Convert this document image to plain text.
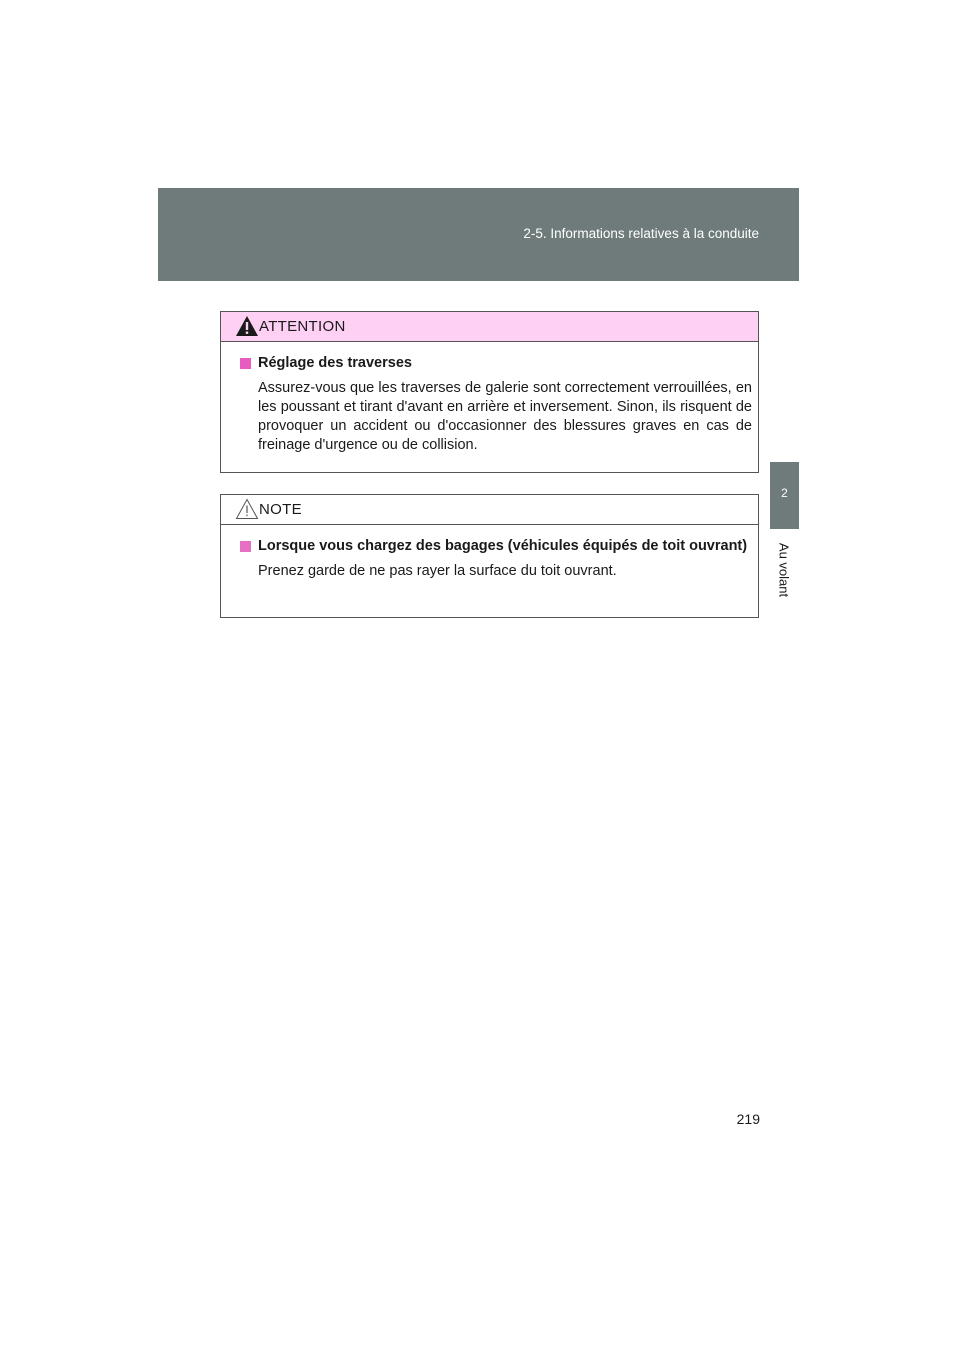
2-5. Informations relatives à la conduite
2
Au volant
ATTENTION
Réglage des traverses
Assurez-vous que les traverses de galerie sont correctement verrouillées, en les poussant et tirant d'avant en arrière et inversement. Sinon, ils risquent de provoquer un accident ou d'occasionner des blessures graves en cas de freinage d'urgence ou de collision.
NOTE
Lorsque vous chargez des bagages (véhicules équipés de toit ouvrant)
Prenez garde de ne pas rayer la surface du toit ouvrant.
219
